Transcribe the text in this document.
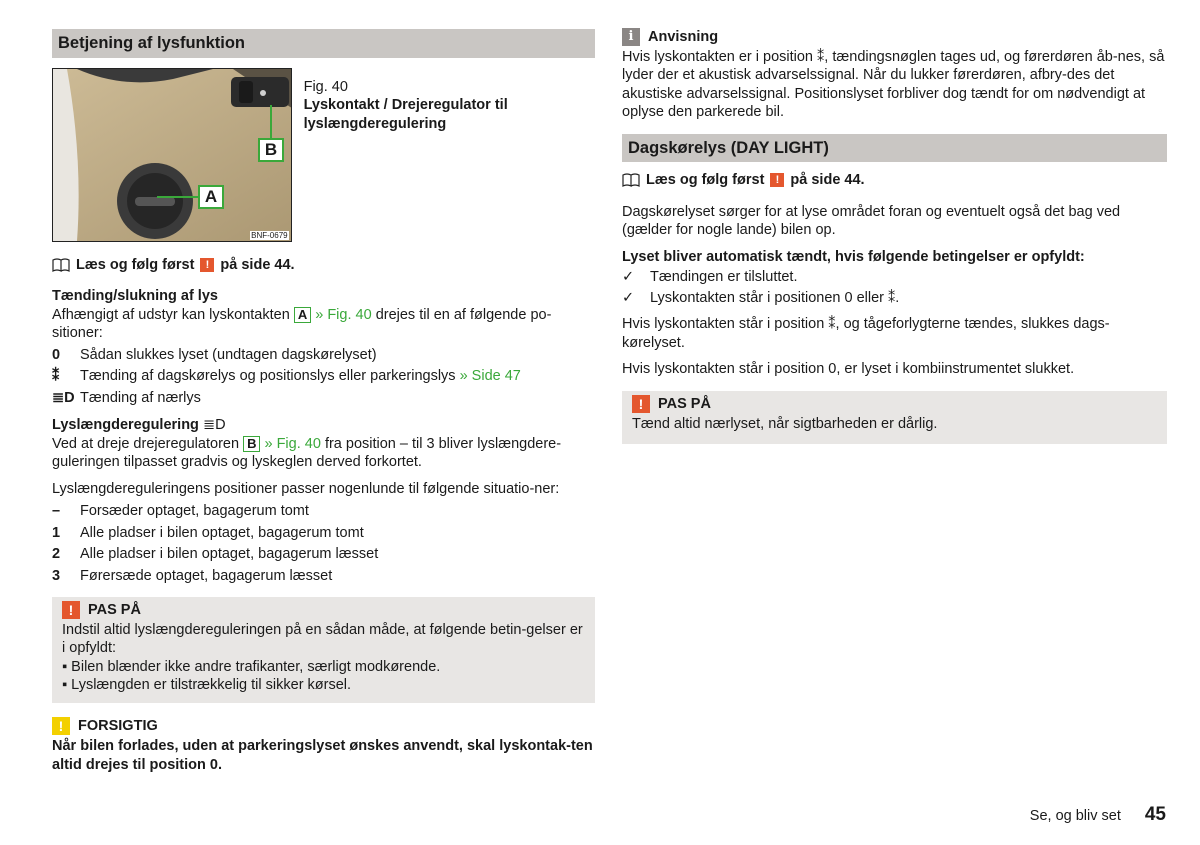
Betjening af lysfunktion
B
A
BNF-0679
Fig. 40
Lyskontakt / Drejeregulator til lyslængderegulering
Læs og følg først	! på side 44.
Tænding/slukning af lys

Afhængigt af udstyr kan lyskontakten A » Fig. 40 drejes til en af følgende po-sitioner:

0	Sådan slukkes lyset (undtagen dagskørelyset)
⁑	Tænding af dagskørelys og positionslys eller parkeringslys » Side 47
≣D Tænding af nærlys
Lyslængderegulering ≣D

Ved at dreje drejeregulatoren B » Fig. 40 fra position – til 3 bliver lyslængdere-guleringen tilpasset gradvis og lyskeglen derved forkortet.

Lyslængdereguleringens positioner passer nogenlunde til følgende situatio-ner:

–	Forsæder optaget, bagagerum tomt
1	Alle pladser i bilen optaget, bagagerum tomt
2	Alle pladser i bilen optaget, bagagerum læsset
3	Førersæde optaget, bagagerum læsset
!	PAS PÅ

Indstil altid lyslængdereguleringen på en sådan måde, at følgende betin-gelser er i opfyldt:

▪ Bilen blænder ikke andre trafikanter, særligt modkørende.
▪ Lyslængden er tilstrækkelig til sikker kørsel.
!	FORSIGTIG

Når bilen forlades, uden at parkeringslyset ønskes anvendt, skal lyskontak-ten altid drejes til position 0.

i	Anvisning

Hvis lyskontakten er i position ⁑, tændingsnøglen tages ud, og førerdøren åb-nes, så lyder der et akustisk advarselssignal. Når du lukker førerdøren, afbry-des det akustiske advarselssignal. Positionslyset forbliver dog tændt for om nødvendigt at oplyse den parkerede bil.

Dagskørelys (DAY LIGHT)
Læs og følg først	! på side 44.

Dagskørelyset sørger for at lyse området foran og eventuelt også det bag ved (gælder for nogle lande) bilen op.

Lyset bliver automatisk tændt, hvis følgende betingelser er opfyldt:
✓	Tændingen er tilsluttet.
✓	Lyskontakten står i positionen 0 eller ⁑.

Hvis lyskontakten står i position ⁑, og tågeforlygterne tændes, slukkes dags-kørelyset.

Hvis lyskontakten står i position 0, er lyset i kombiinstrumentet slukket.

!	PAS PÅ

Tænd altid nærlyset, når sigtbarheden er dårlig.

Se, og bliv set 45
